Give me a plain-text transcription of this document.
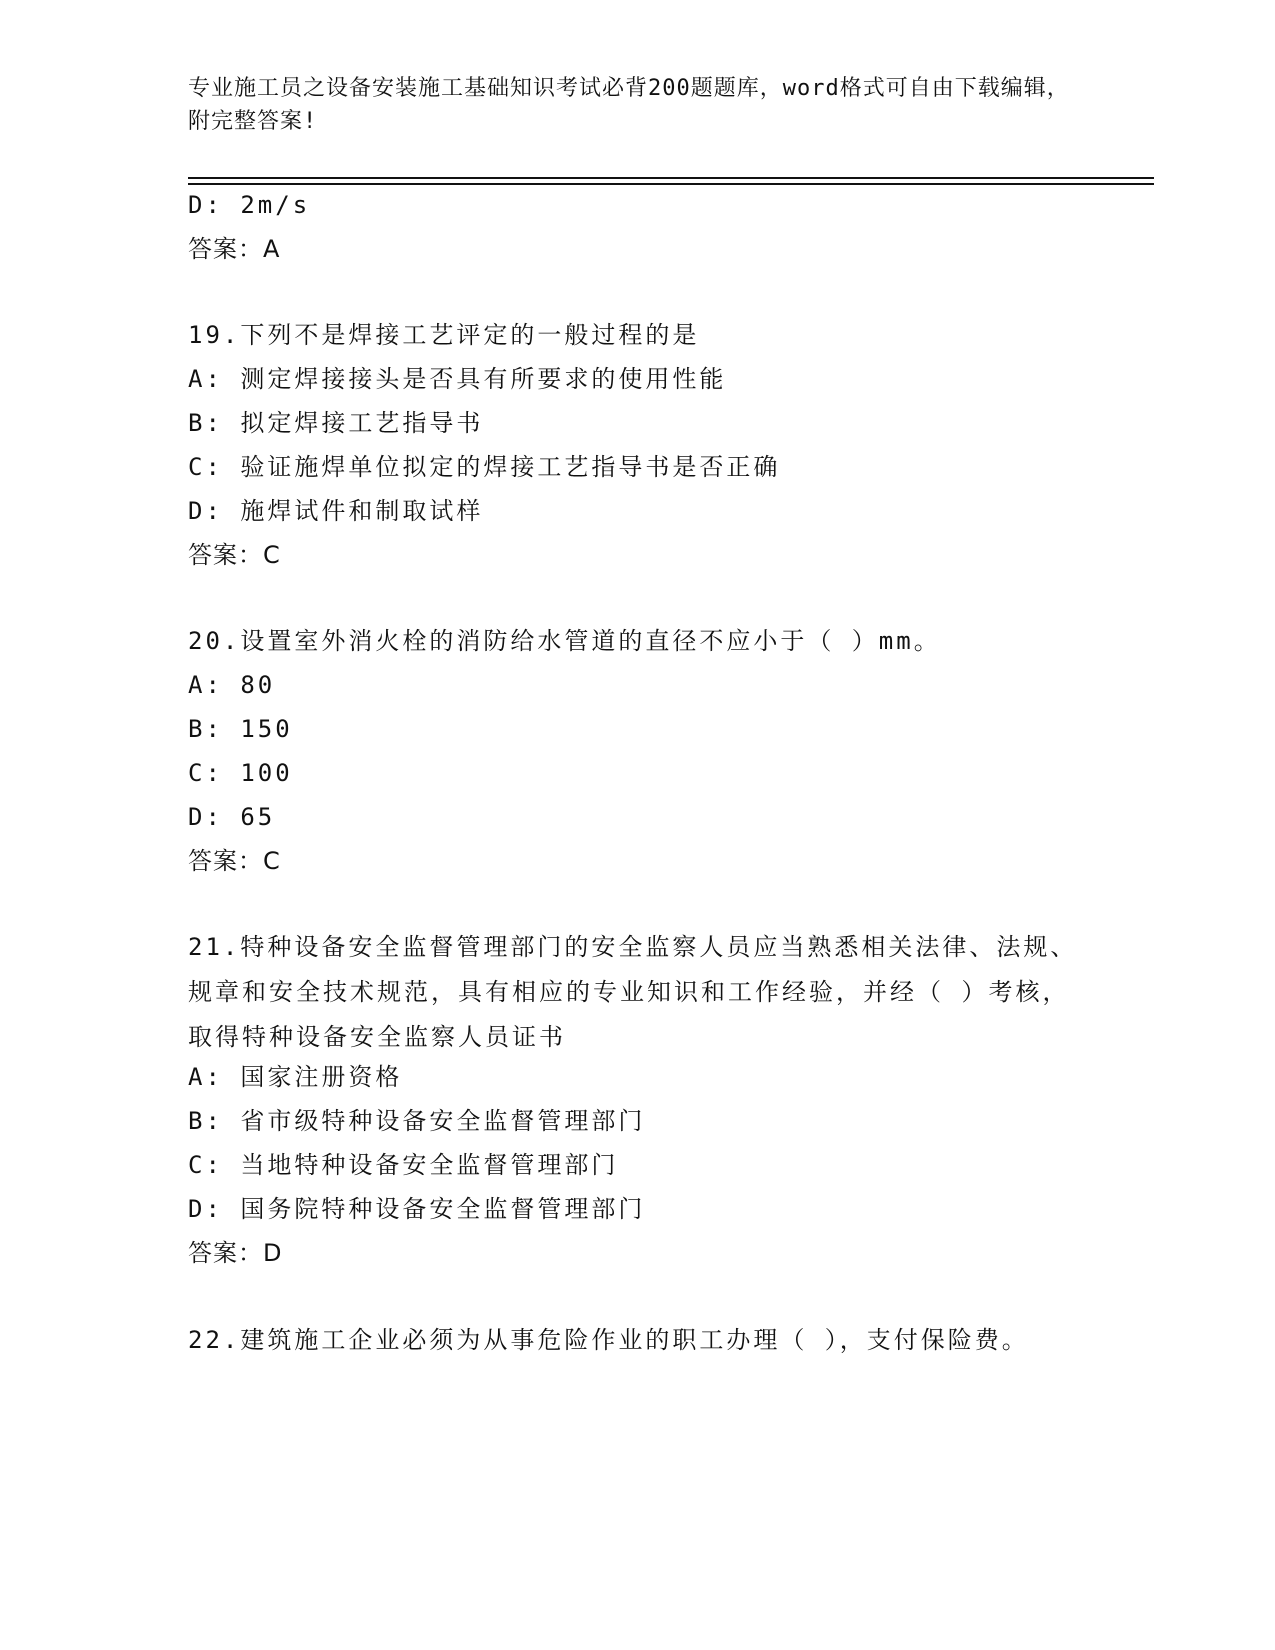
专业施工员之设备安装施工基础知识考试必背200题题库，word格式可自由下载编辑，附完整答案!
D: 2m/s
答案：A
19.下列不是焊接工艺评定的一般过程的是
A: 测定焊接接头是否具有所要求的使用性能
B: 拟定焊接工艺指导书
C: 验证施焊单位拟定的焊接工艺指导书是否正确
D: 施焊试件和制取试样
答案：C
20.设置室外消火栓的消防给水管道的直径不应小于（ ）mm。
A: 80
B: 150
C: 100
D: 65
答案：C
21.特种设备安全监督管理部门的安全监察人员应当熟悉相关法律、法规、规章和安全技术规范，具有相应的专业知识和工作经验，并经（ ）考核，取得特种设备安全监察人员证书
A: 国家注册资格
B: 省市级特种设备安全监督管理部门
C: 当地特种设备安全监督管理部门
D: 国务院特种设备安全监督管理部门
答案：D
22.建筑施工企业必须为从事危险作业的职工办理（ ），支付保险费。
